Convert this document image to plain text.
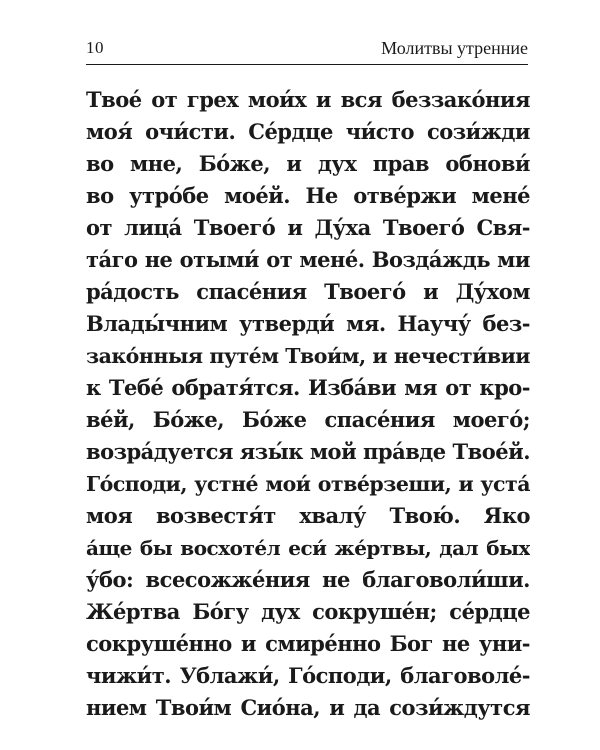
10	Молитвы утренние
Твое́ от грех мои́х и вся беззако́ния
моя́ очи́сти. Се́рдце чи́сто сози́жди
во мне, Бо́же, и дух прав обнови́
во утро́бе мое́й. Не отве́ржи мене́
от лица́ Твоего́ и Ду́ха Твоего́ Свя-
та́го не отыми́ от мене́. Возда́ждь ми
ра́дость спасе́ния Твоего́ и Ду́хом
Влады́чним утверди́ мя. Научу́ без-
зако́нныя путе́м Твои́м, и нечести́вии
к Тебе́ обратя́тся. Изба́ви мя от кро-
ве́й, Бо́же, Бо́же спасе́ния моего́;
возра́дуется язы́к мой пра́вде Твое́й.
Го́споди, устне́ мои́ отве́рзеши, и уста́
моя возвестя́т хвалу́ Твою́. Яко
а́ще бы восхоте́л еси́ же́ртвы, дал бых
у́бо: всесожже́ния не благоволи́ши.
Же́ртва Бо́гу дух сокруше́н; се́рдце
сокруше́нно и смире́нно Бог не уни-
чижи́т. Ублажи́, Го́споди, благоволе́-
нием Твои́м Сио́на, и да сози́ждутся
